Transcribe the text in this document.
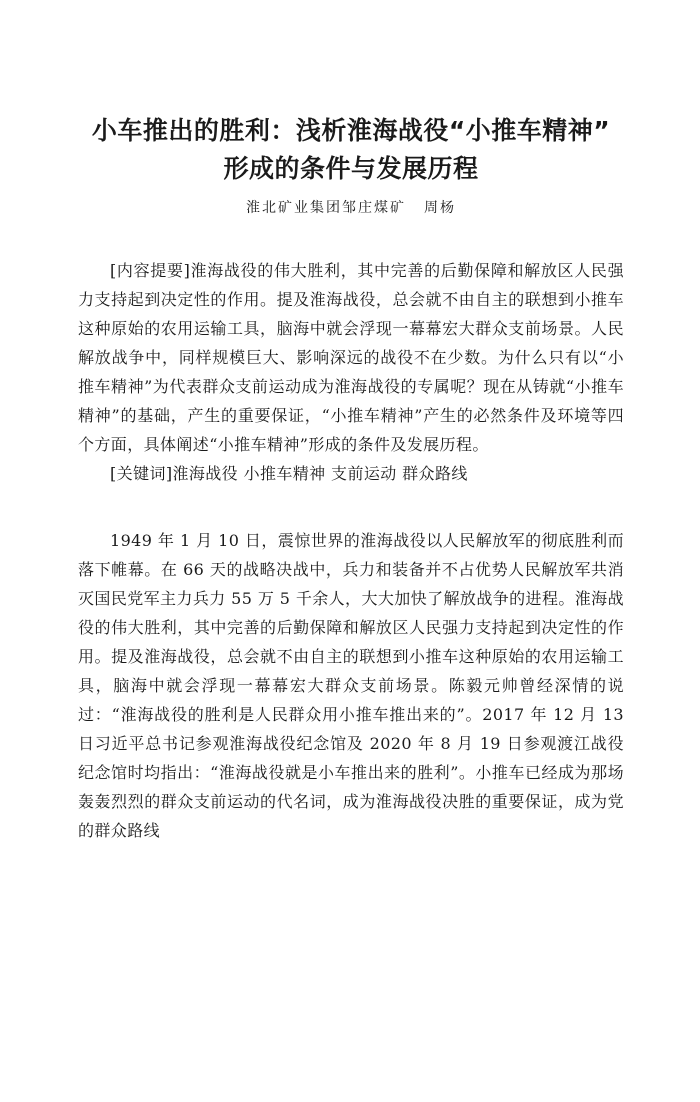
小车推出的胜利：浅析淮海战役“小推车精神”
形成的条件与发展历程
淮北矿业集团邹庄煤矿 周杨

[内容提要]淮海战役的伟大胜利，其中完善的后勤保障和解放区人民强力支持起到决定性的作用。提及淮海战役，总会就不由自主的联想到小推车这种原始的农用运输工具，脑海中就会浮现一幕幕宏大群众支前场景。人民解放战争中，同样规模巨大、影响深远的战役不在少数。为什么只有以“小推车精神”为代表群众支前运动成为淮海战役的专属呢？现在从铸就“小推车精神”的基础，产生的重要保证，“小推车精神”产生的必然条件及环境等四个方面，具体阐述“小推车精神”形成的条件及发展历程。

[关键词]淮海战役 小推车精神 支前运动 群众路线

1949 年 1 月 10 日，震惊世界的淮海战役以人民解放军的彻底胜利而落下帷幕。在 66 天的战略决战中，兵力和装备并不占优势人民解放军共消灭国民党军主力兵力 55 万 5 千余人，大大加快了解放战争的进程。淮海战役的伟大胜利，其中完善的后勤保障和解放区人民强力支持起到决定性的作用。提及淮海战役，总会就不由自主的联想到小推车这种原始的农用运输工具，脑海中就会浮现一幕幕宏大群众支前场景。陈毅元帅曾经深情的说过：“淮海战役的胜利是人民群众用小推车推出来的”。2017 年 12 月 13 日习近平总书记参观淮海战役纪念馆及 2020 年 8 月 19 日参观渡江战役纪念馆时均指出：“淮海战役就是小车推出来的胜利”。小推车已经成为那场轰轰烈烈的群众支前运动的代名词，成为淮海战役决胜的重要保证，成为党的群众路线
